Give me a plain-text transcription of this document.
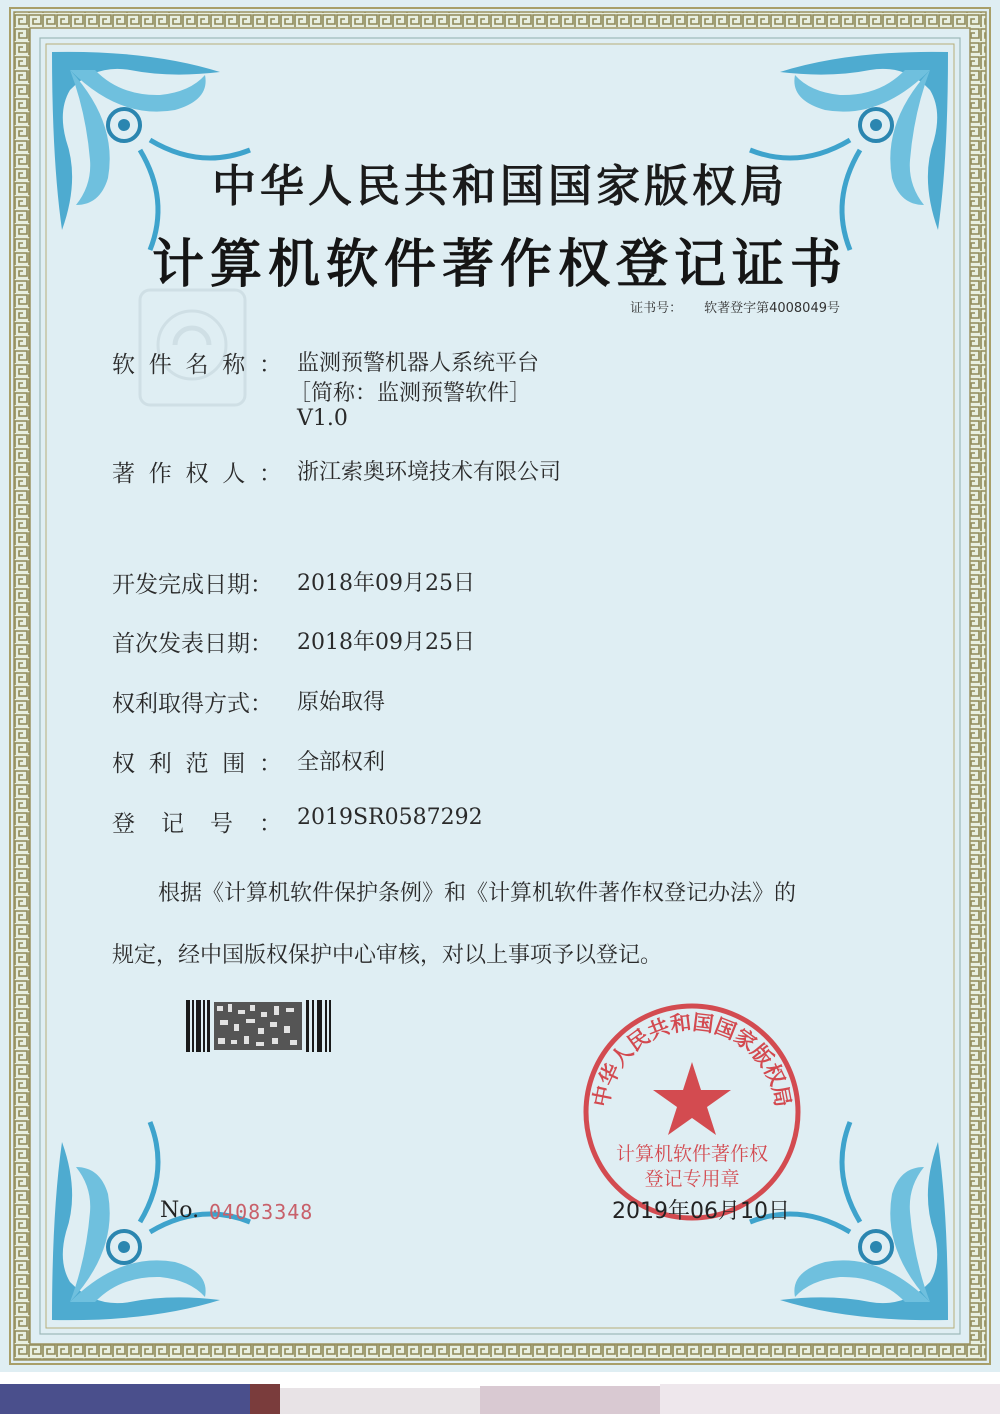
中华人民共和国国家版权局
计算机软件著作权登记证书
证书号： 软著登字第4008049号
软 件 名 称 ： 监测预警机器人系统平台
［简称：监测预警软件］
V1.0
著 作 权 人 ： 浙江索奥环境技术有限公司
开发完成日期：	2018年09月25日
首次发表日期：	2018年09月25日
权利取得方式：	原始取得
权 利 范 围 ： 全部权利
登 记 号 ： 2019SR0587292
根据《计算机软件保护条例》和《计算机软件著作权登记办法》的
规定，经中国版权保护中心审核，对以上事项予以登记。
No. 04083348
中华人民共和国国家版权局
计算机软件著作权
登记专用章
2019年06月10日
